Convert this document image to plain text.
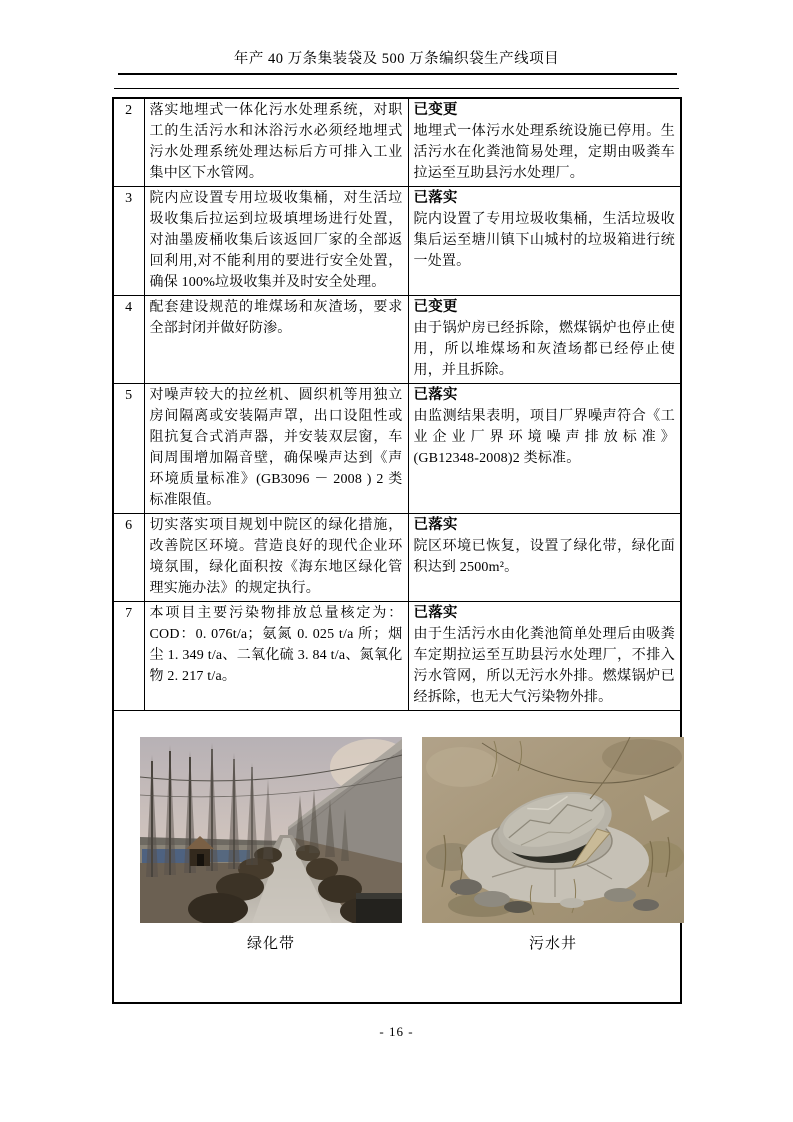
年产 40 万条集装袋及 500 万条编织袋生产线项目
2	落实地埋式一体化污水处理系统，对职工的生活污水和沐浴污水必须经地埋式污水处理系统处理达标后方可排入工业集中区下水管网。	已变更
地埋式一体污水处理系统设施已停用。生活污水在化粪池简易处理，定期由吸粪车拉运至互助县污水处理厂。

3	院内应设置专用垃圾收集桶，对生活垃圾收集后拉运到垃圾填埋场进行处置，对油墨废桶收集后该返回厂家的全部返回利用,对不能利用的要进行安全处置，确保 100%垃圾收集并及时安全处理。	已落实
院内设置了专用垃圾收集桶，生活垃圾收集后运至塘川镇下山城村的垃圾箱进行统一处置。

4	配套建设规范的堆煤场和灰渣场，要求全部封闭并做好防渗。	已变更
由于锅炉房已经拆除，燃煤锅炉也停止使用，所以堆煤场和灰渣场都已经停止使用，并且拆除。

5	对噪声较大的拉丝机、圆织机等用独立房间隔离或安装隔声罩，出口设阻性或阻抗复合式消声器，并安装双层窗，车间周围增加隔音壁，确保噪声达到《声环境质量标准》(GB3096 － 2008 ) 2 类标准限值。	已落实
由监测结果表明，项目厂界噪声符合《工业企业厂界环境噪声排放标准》(GB12348-2008)2 类标准。

6	切实落实项目规划中院区的绿化措施，改善院区环境。营造良好的现代企业环境氛围，绿化面积按《海东地区绿化管理实施办法》的规定执行。	已落实
院区环境已恢复，设置了绿化带，绿化面积达到 2500m²。

7	本项目主要污染物排放总量核定为：COD：0. 076t/a；氨氮 0. 025 t/a 所；烟尘 1. 349 t/a、二氧化硫 3. 84 t/a、氮氧化物 2. 217 t/a。	已落实
由于生活污水由化粪池简单处理后由吸粪车定期拉运至互助县污水处理厂，不排入污水管网，所以无污水外排。燃煤锅炉已经拆除，也无大气污染物外排。

绿化带 污水井		
- 16 -
